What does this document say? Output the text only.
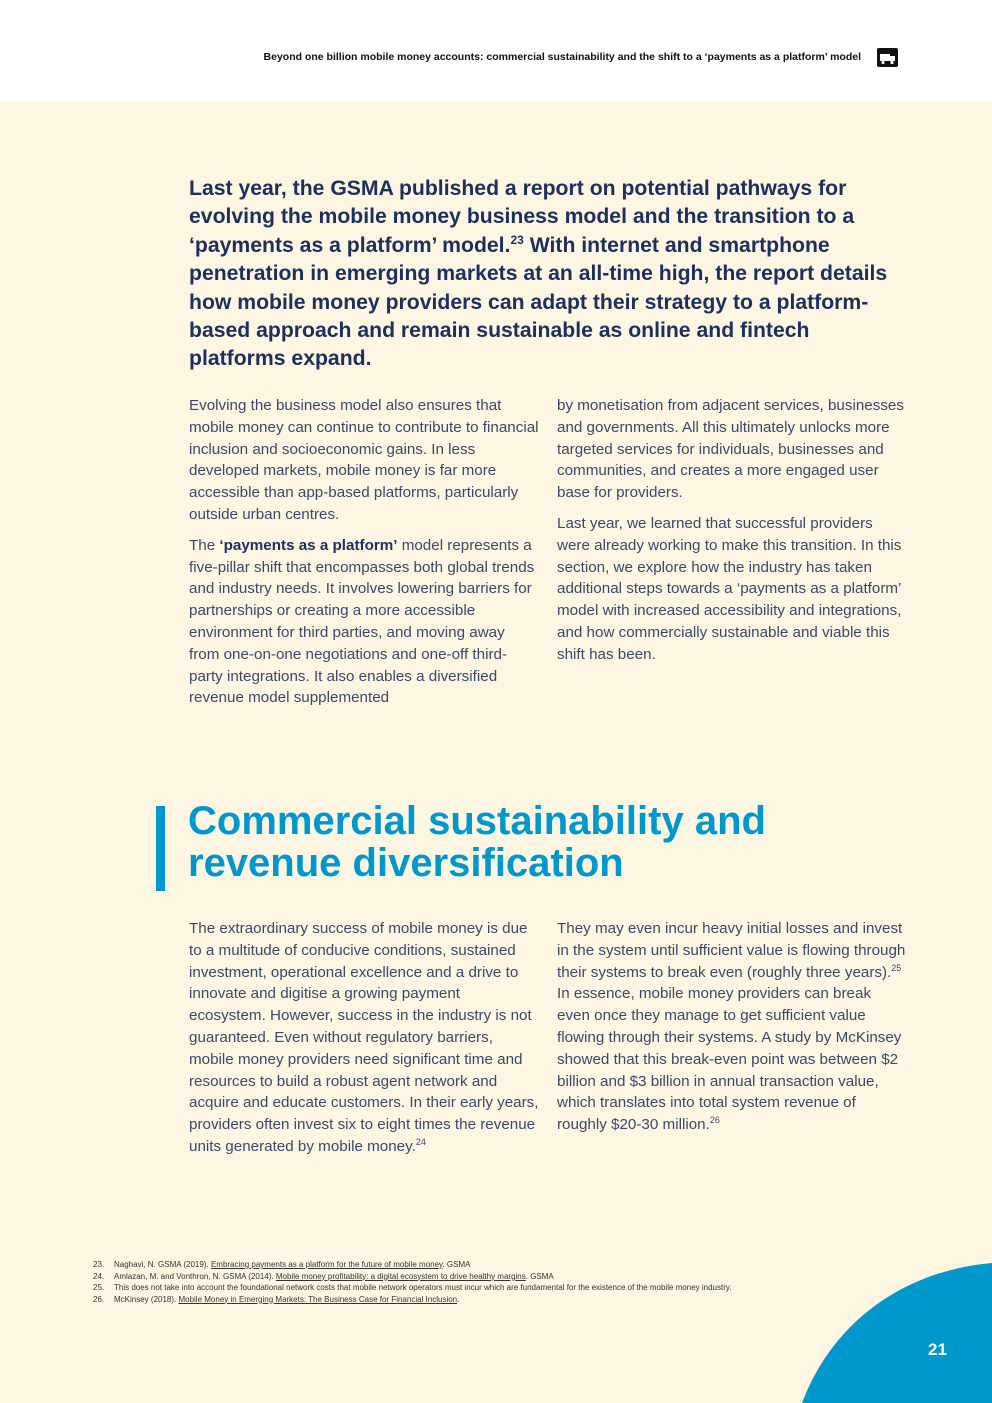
Beyond one billion mobile money accounts: commercial sustainability and the shift to a ‘payments as a platform’ model

Last year, the GSMA published a report on potential pathways for evolving the mobile money business model and the transition to a ‘payments as a platform’ model.$^{23}$ With internet and smartphone penetration in emerging markets at an all-time high, the report details how mobile money providers can adapt their strategy to a platform-based approach and remain sustainable as online and fintech platforms expand.

Evolving the business model also ensures that mobile money can continue to contribute to financial inclusion and socioeconomic gains. In less developed markets, mobile money is far more accessible than app-based platforms, particularly outside urban centres.

The ‘payments as a platform’ model represents a five-pillar shift that encompasses both global trends and industry needs. It involves lowering barriers for partnerships or creating a more accessible environment for third parties, and moving away from one-on-one negotiations and one-off third-party integrations. It also enables a diversified revenue model supplemented

by monetisation from adjacent services, businesses and governments. All this ultimately unlocks more targeted services for individuals, businesses and communities, and creates a more engaged user base for providers.

Last year, we learned that successful providers were already working to make this transition. In this section, we explore how the industry has taken additional steps towards a ‘payments as a platform’ model with increased accessibility and integrations, and how commercially sustainable and viable this shift has been.

Commercial sustainability and
revenue diversification

The extraordinary success of mobile money is due to a multitude of conducive conditions, sustained investment, operational excellence and a drive to innovate and digitise a growing payment ecosystem. However, success in the industry is not guaranteed. Even without regulatory barriers, mobile money providers need significant time and resources to build a robust agent network and acquire and educate customers. In their early years, providers often invest six to eight times the revenue units generated by mobile money.$^{24}$

They may even incur heavy initial losses and invest in the system until sufficient value is flowing through their systems to break even (roughly three years).$^{25}$ In essence, mobile money providers can break even once they manage to get sufficient value flowing through their systems. A study by McKinsey showed that this break-even point was between $2 billion and $3 billion in annual transaction value, which translates into total system revenue of roughly $20-30 million.$^{26}$

23.	Naghavi, N. GSMA (2019). Embracing payments as a platform for the future of mobile money. GSMA
24.	Amlazan, M. and Vonthron, N. GSMA (2014). Mobile money profitability: a digital ecosystem to drive healthy margins. GSMA
25.	This does not take into account the foundational network costs that mobile network operators must incur which are fundamental for the existence of the mobile money industry.
26.	McKinsey (2018). Mobile Money in Emerging Markets: The Business Case for Financial Inclusion.
21
